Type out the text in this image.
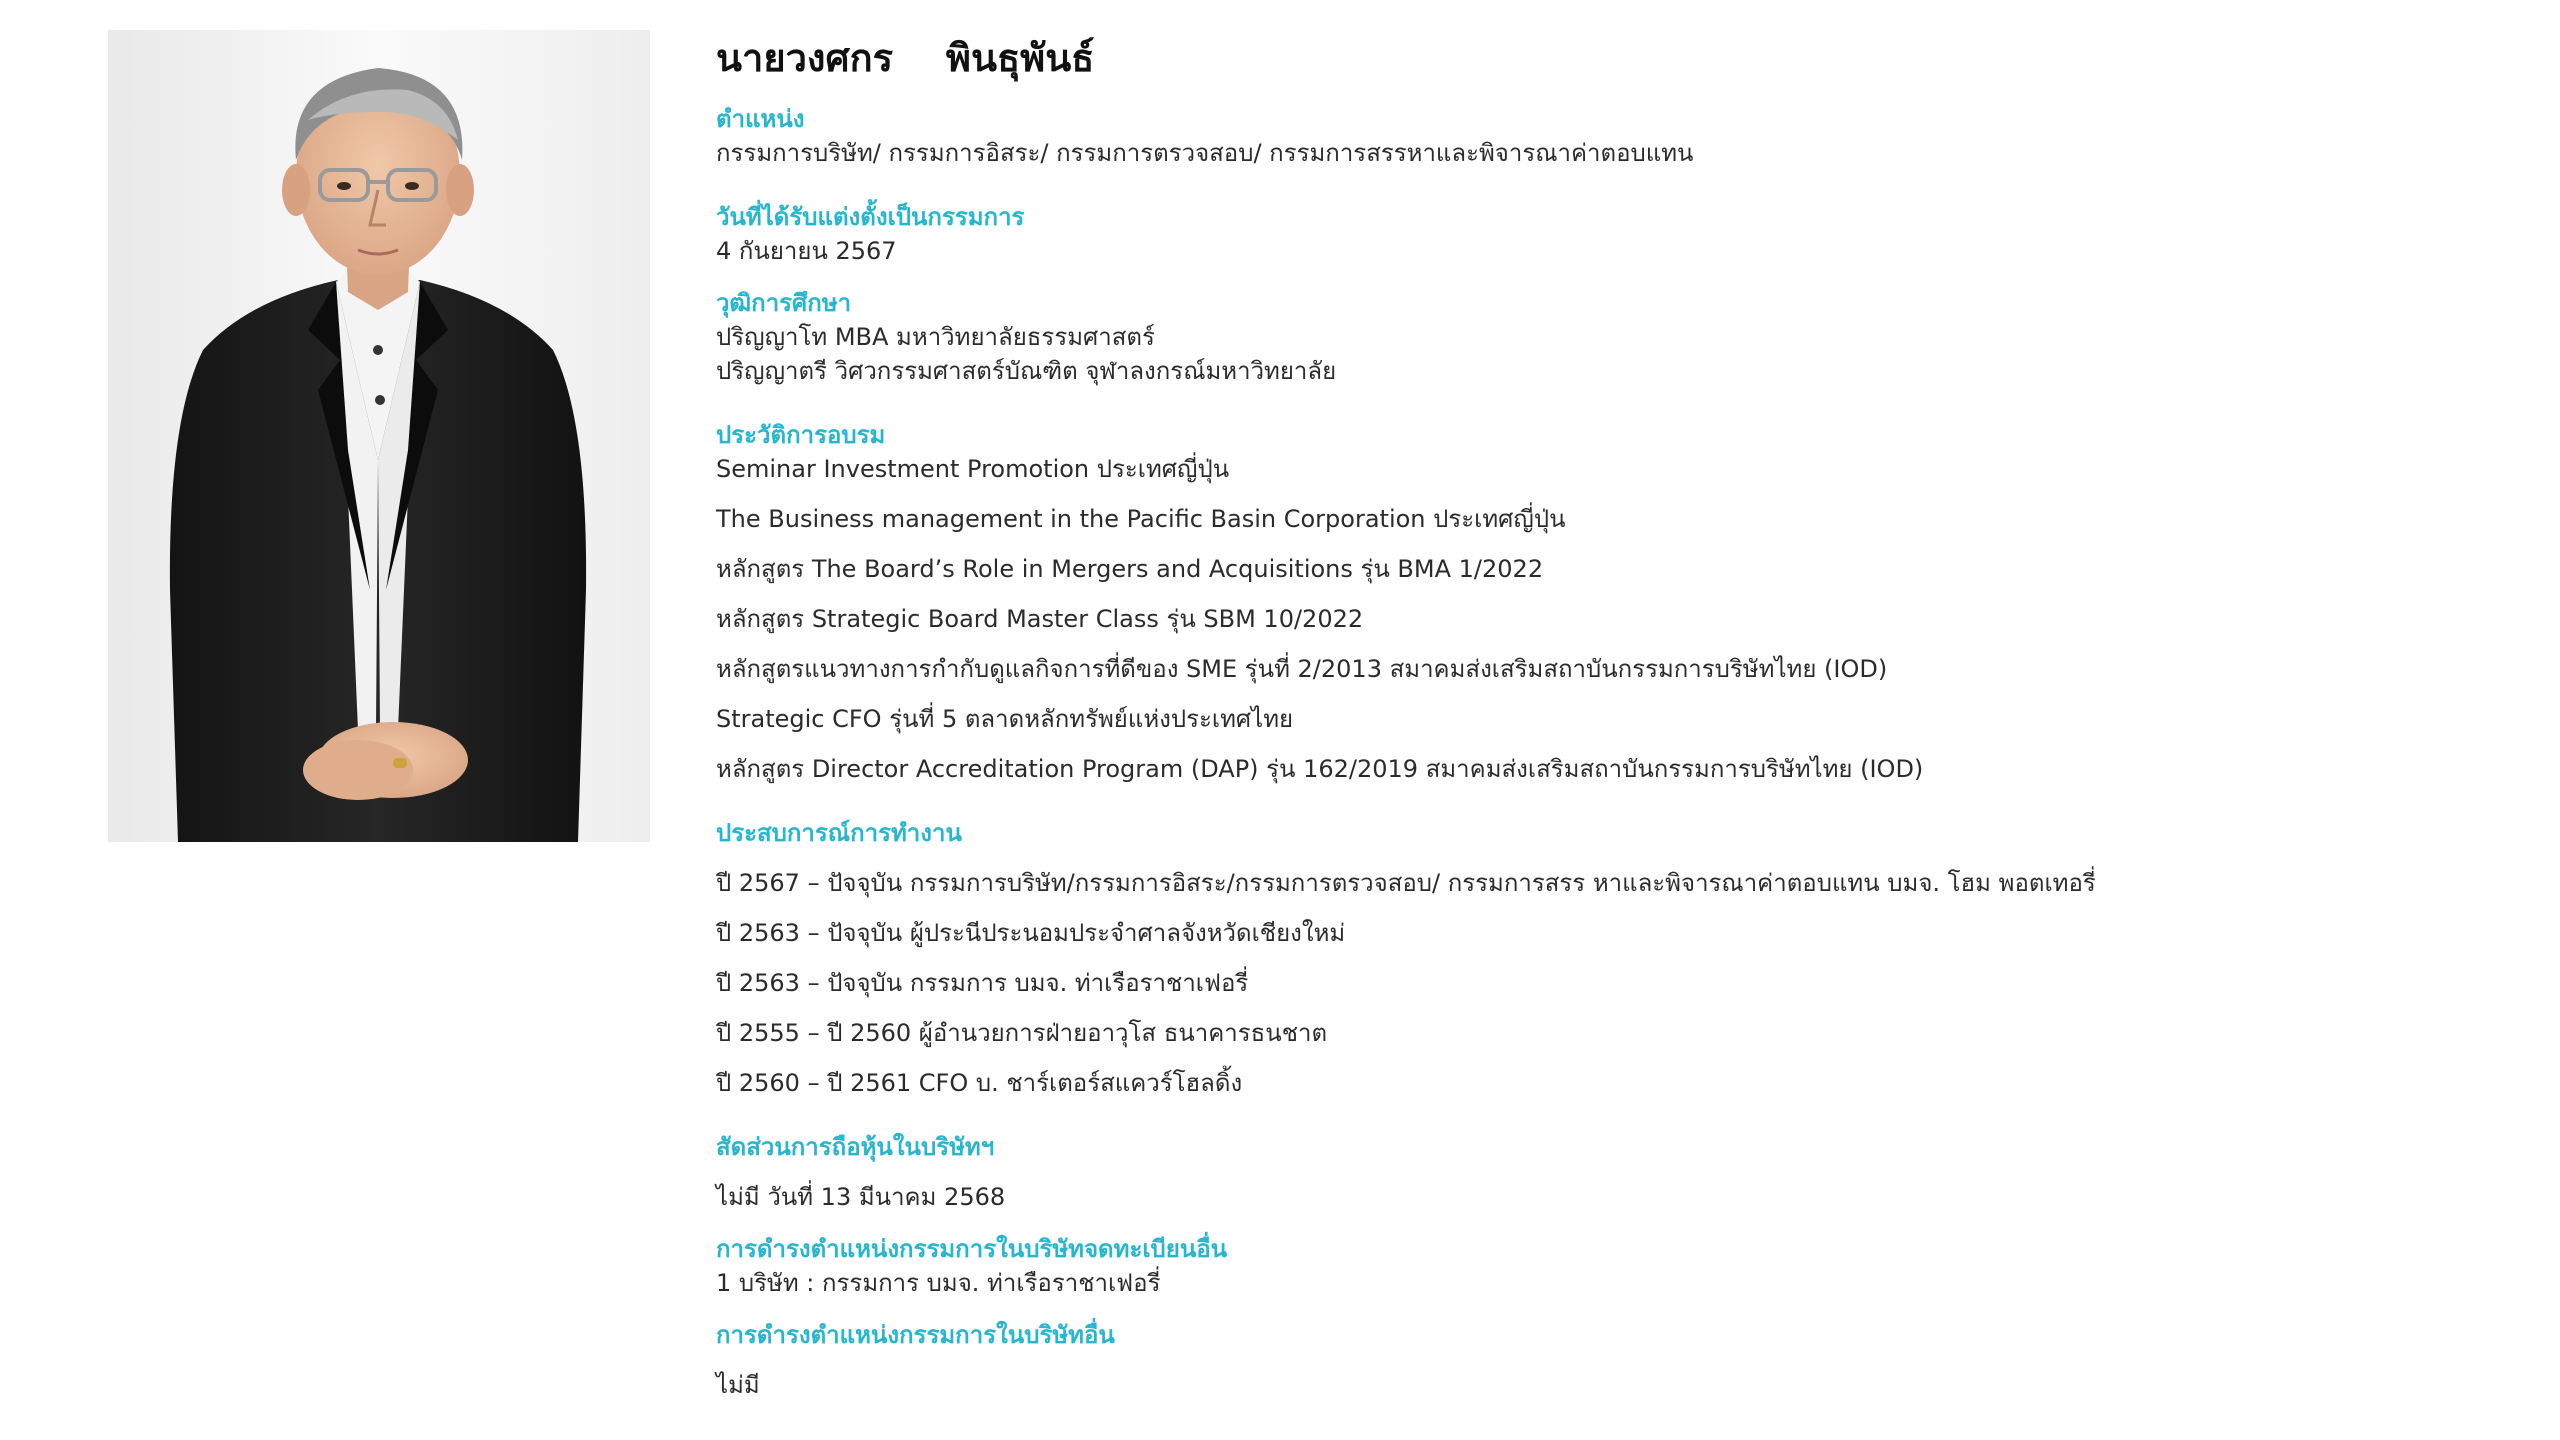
นายวงศกร    พินธุพันธ์
ตำแหน่ง
กรรมการบริษัท/ กรรมการอิสระ/ กรรมการตรวจสอบ/ กรรมการสรรหาและพิจารณาค่าตอบแทน
วันที่ได้รับแต่งตั้งเป็นกรรมการ
4 กันยายน 2567
วุฒิการศึกษา
ปริญญาโท MBA มหาวิทยาลัยธรรมศาสตร์
ปริญญาตรี วิศวกรรมศาสตร์บัณฑิต จุฬาลงกรณ์มหาวิทยาลัย
ประวัติการอบรม
Seminar Investment Promotion ประเทศญี่ปุ่น
The Business management in the Pacific Basin Corporation ประเทศญี่ปุ่น
หลักสูตร The Board’s Role in Mergers and Acquisitions รุ่น BMA 1/2022
หลักสูตร Strategic Board Master Class รุ่น SBM 10/2022
หลักสูตรแนวทางการกำกับดูแลกิจการที่ดีของ SME รุ่นที่ 2/2013 สมาคมส่งเสริมสถาบันกรรมการบริษัทไทย (IOD)
Strategic CFO รุ่นที่ 5 ตลาดหลักทรัพย์แห่งประเทศไทย
หลักสูตร Director Accreditation Program (DAP) รุ่น 162/2019 สมาคมส่งเสริมสถาบันกรรมการบริษัทไทย (IOD)
ประสบการณ์การทำงาน
ปี 2567 – ปัจจุบัน กรรมการบริษัท/กรรมการอิสระ/กรรมการตรวจสอบ/ กรรมการสรร หาและพิจารณาค่าตอบแทน บมจ. โฮม พอตเทอรี่
ปี 2563 – ปัจจุบัน ผู้ประนีประนอมประจำศาลจังหวัดเชียงใหม่
ปี 2563 – ปัจจุบัน กรรมการ บมจ. ท่าเรือราชาเฟอรี่
ปี 2555 – ปี 2560 ผู้อำนวยการฝ่ายอาวุโส ธนาคารธนชาต
ปี 2560 – ปี 2561 CFO บ. ชาร์เตอร์สแควร์โฮลดิ้ง
สัดส่วนการถือหุ้นในบริษัทฯ
ไม่มี วันที่ 13 มีนาคม 2568
การดำรงตำแหน่งกรรมการในบริษัทจดทะเบียนอื่น
1 บริษัท : กรรมการ บมจ. ท่าเรือราชาเฟอรี่
การดำรงตำแหน่งกรรมการในบริษัทอื่น
ไม่มี
